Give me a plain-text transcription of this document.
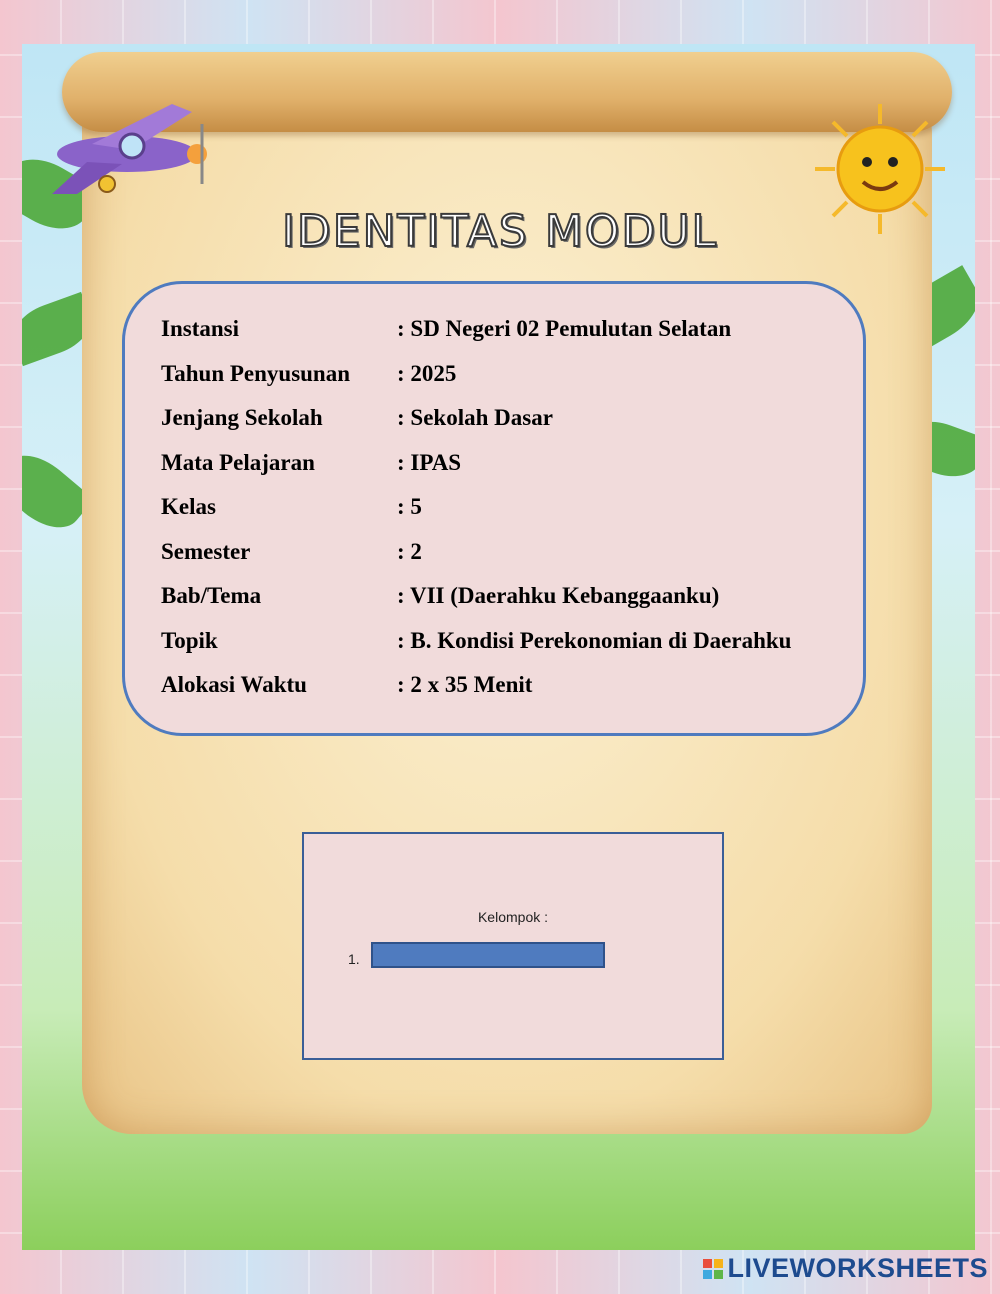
IDENTITAS MODUL
Instansi	: SD Negeri 02 Pemulutan Selatan
Tahun Penyusunan	: 2025
Jenjang Sekolah	: Sekolah Dasar
Mata Pelajaran	: IPAS
Kelas	: 5
Semester	: 2
Bab/Tema	: VII (Daerahku Kebanggaanku)
Topik	: B. Kondisi Perekonomian di Daerahku
Alokasi Waktu	: 2 x 35 Menit
Kelompok :
1.
LIVEWORKSHEETS
